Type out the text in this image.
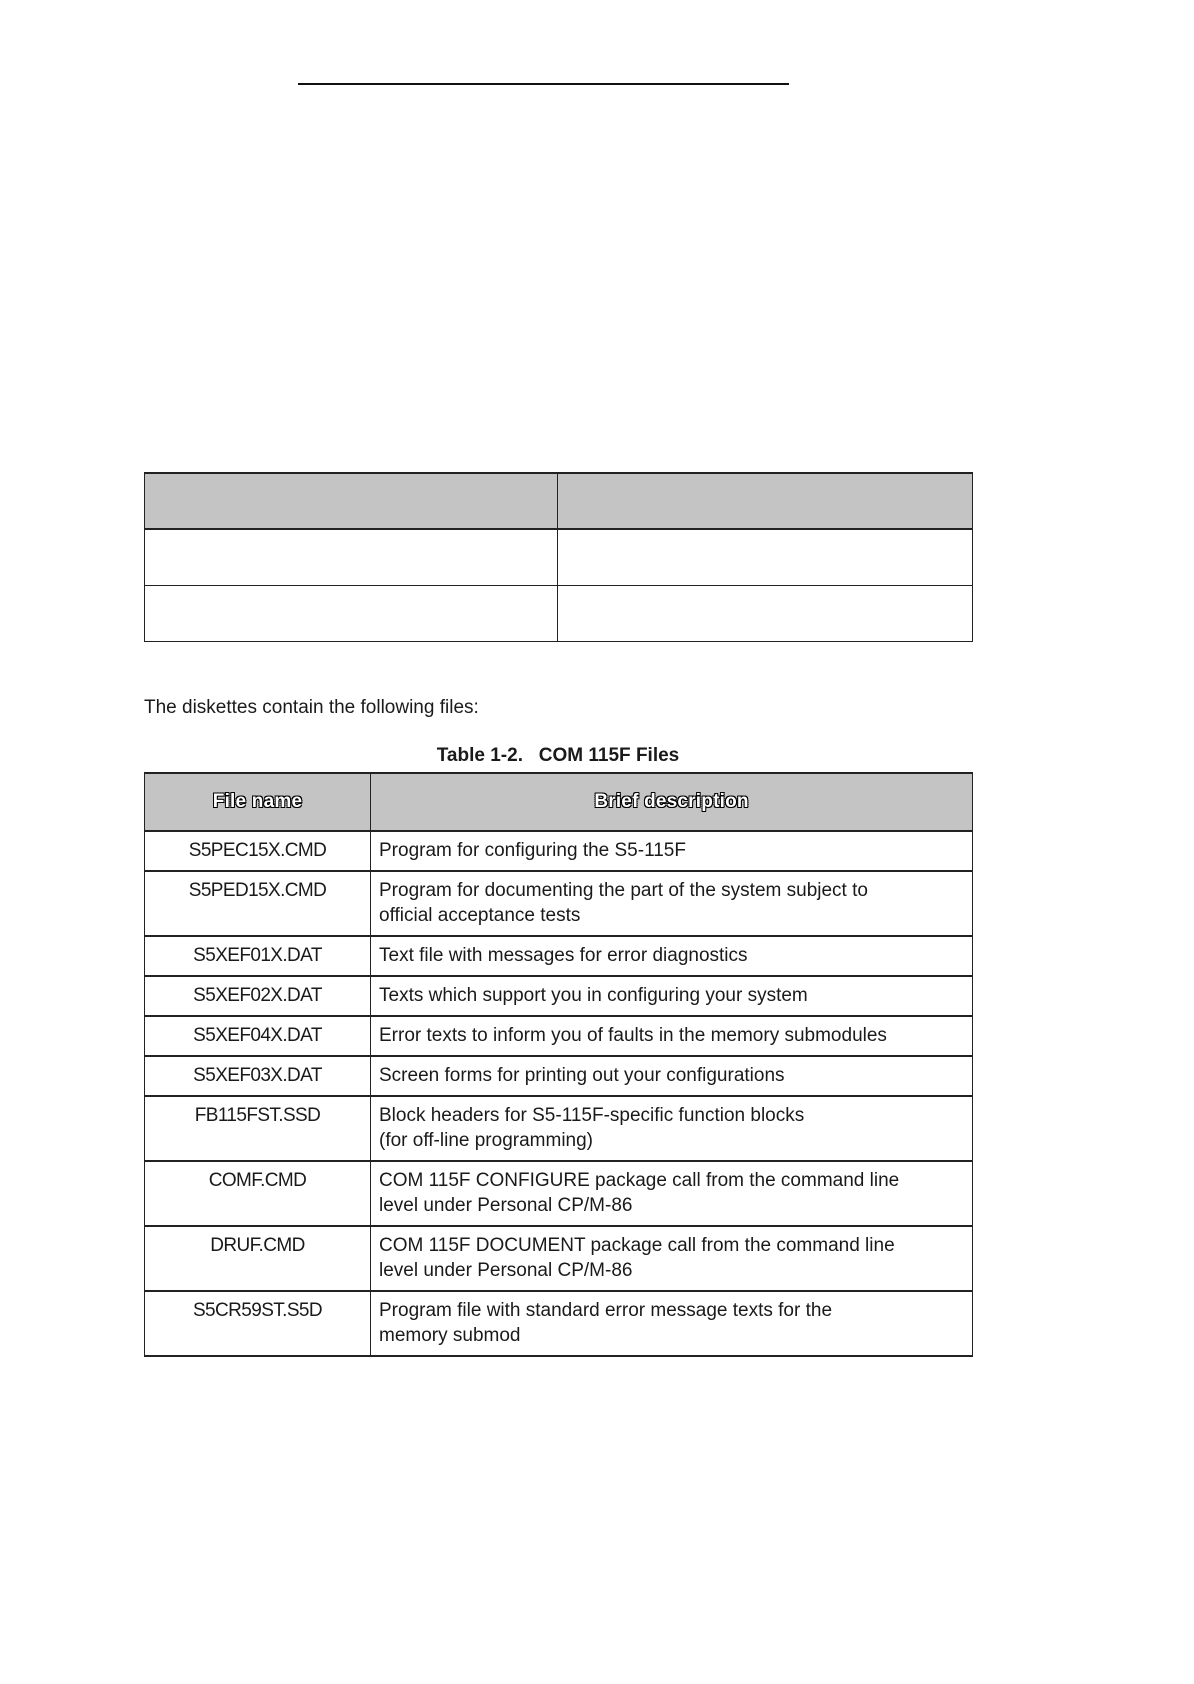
The diskettes contain the following files:
Table 1-2.   COM 115F Files
File name	Brief description
S5PEC15X.CMD	Program for configuring the S5-115F
S5PED15X.CMD	Program for documenting the part of the system subject to
official acceptance tests
S5XEF01X.DAT	Text file with messages for error diagnostics
S5XEF02X.DAT	Texts which support you in configuring your system
S5XEF04X.DAT	Error texts to inform you of faults in the memory submodules
S5XEF03X.DAT	Screen forms for printing out your configurations
FB115FST.SSD	Block headers for S5-115F-specific function blocks
(for off-line programming)
COMF.CMD	COM 115F CONFIGURE package call from the command line
level under Personal CP/M-86
DRUF.CMD	COM 115F DOCUMENT package call from the command line
level under Personal CP/M-86
S5CR59ST.S5D	Program file with standard error message texts for the
memory submod
